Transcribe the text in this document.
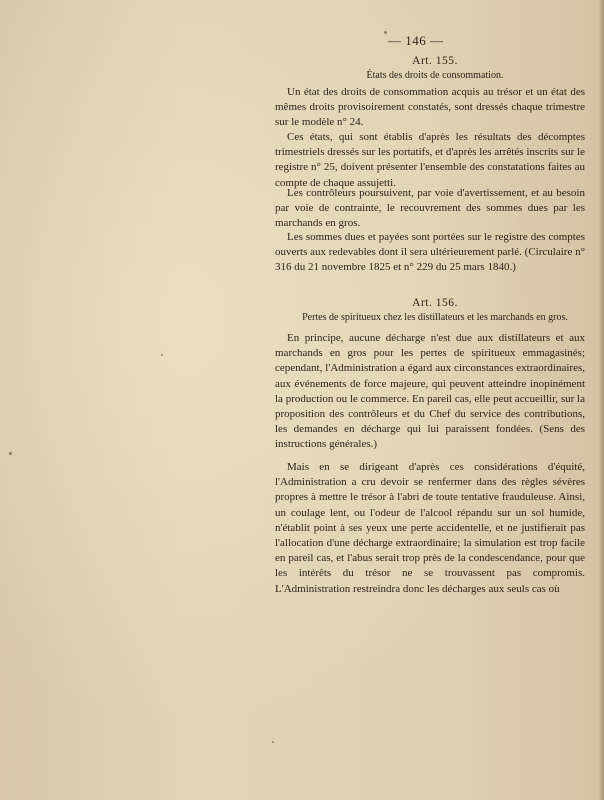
— 146 —
Art. 155.
États des droits de consommation.
Un état des droits de consommation acquis au trésor et un état des mêmes droits provisoirement constatés, sont dressés chaque trimestre sur le modèle n° 24.
Ces états, qui sont établis d'après les résultats des décomptes trimestriels dressés sur les portatifs, et d'après les arrêtés inscrits sur le registre n° 25, doivent présenter l'ensemble des constatations faites au compte de chaque assujetti.
Les contrôleurs poursuivent, par voie d'avertissement, et au besoin par voie de contrainte, le recouvrement des sommes dues par les marchands en gros.
Les sommes dues et payées sont portées sur le registre des comptes ouverts aux redevables dont il sera ultérieurement parlé. (Circulaire n° 316 du 21 novembre 1825 et n° 229 du 25 mars 1840.)
Art. 156.
Pertes de spiritueux chez les distillateurs et les marchands en gros.
En principe, aucune décharge n'est due aux distillateurs et aux marchands en gros pour les pertes de spiritueux emmagasinés; cependant, l'Administration a égard aux circonstances extraordinaires, aux événements de force majeure, qui peuvent atteindre inopinément la production ou le commerce. En pareil cas, elle peut accueillir, sur la proposition des contrôleurs et du Chef du service des contributions, les demandes en décharge qui lui paraissent fondées. (Sens des instructions générales.)
Mais en se dirigeant d'après ces considérations d'équité, l'Administration a cru devoir se renfermer dans des règles sévères propres à mettre le trésor à l'abri de toute tentative frauduleuse. Ainsi, un coulage lent, ou l'odeur de l'alcool répandu sur un sol humide, n'établit point à ses yeux une perte accidentelle, et ne justifierait pas l'allocation d'une décharge extraordinaire; la simulation est trop facile en pareil cas, et l'abus serait trop près de la condescendance, pour que les intérêts du trésor ne se trouvassent pas compromis. L'Administration restreindra donc les décharges aux seuls cas où
